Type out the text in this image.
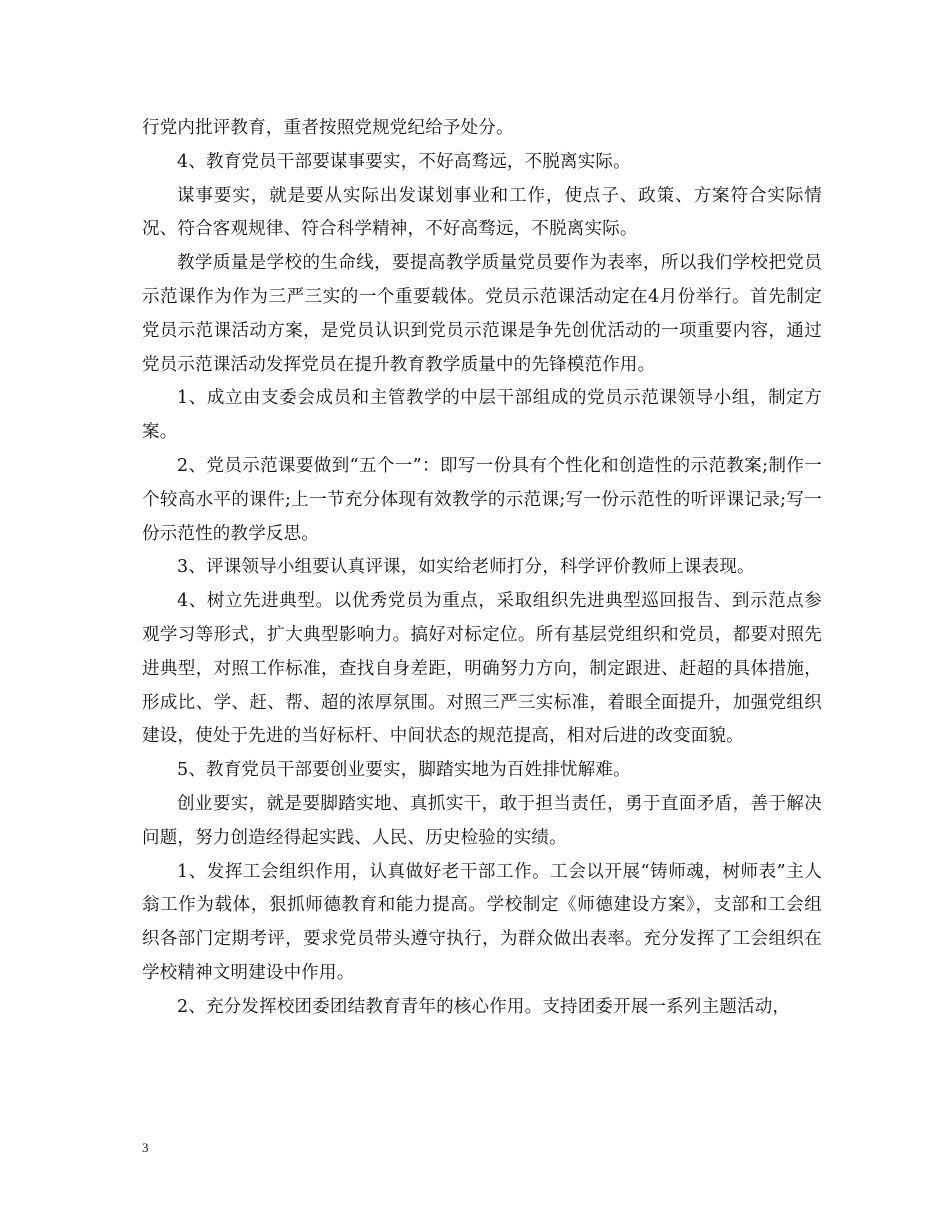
行党内批评教育，重者按照党规党纪给予处分。

4、教育党员干部要谋事要实，不好高骛远，不脱离实际。

谋事要实，就是要从实际出发谋划事业和工作，使点子、政策、方案符合实际情况、符合客观规律、符合科学精神，不好高骛远，不脱离实际。

教学质量是学校的生命线，要提高教学质量党员要作为表率，所以我们学校把党员示范课作为作为三严三实的一个重要载体。党员示范课活动定在4月份举行。首先制定党员示范课活动方案，是党员认识到党员示范课是争先创优活动的一项重要内容，通过党员示范课活动发挥党员在提升教育教学质量中的先锋模范作用。

1、成立由支委会成员和主管教学的中层干部组成的党员示范课领导小组，制定方案。

2、党员示范课要做到“五个一”：即写一份具有个性化和创造性的示范教案;制作一个较高水平的课件;上一节充分体现有效教学的示范课;写一份示范性的听评课记录;写一份示范性的教学反思。

3、评课领导小组要认真评课，如实给老师打分，科学评价教师上课表现。

4、树立先进典型。以优秀党员为重点，采取组织先进典型巡回报告、到示范点参观学习等形式，扩大典型影响力。搞好对标定位。所有基层党组织和党员，都要对照先进典型，对照工作标准，查找自身差距，明确努力方向，制定跟进、赶超的具体措施，形成比、学、赶、帮、超的浓厚氛围。对照三严三实标准，着眼全面提升，加强党组织建设，使处于先进的当好标杆、中间状态的规范提高，相对后进的改变面貌。

5、教育党员干部要创业要实，脚踏实地为百姓排忧解难。

创业要实，就是要脚踏实地、真抓实干，敢于担当责任，勇于直面矛盾，善于解决问题，努力创造经得起实践、人民、历史检验的实绩。

1、发挥工会组织作用，认真做好老干部工作。工会以开展“铸师魂，树师表”主人翁工作为载体，狠抓师德教育和能力提高。学校制定《师德建设方案》，支部和工会组织各部门定期考评，要求党员带头遵守执行，为群众做出表率。充分发挥了工会组织在学校精神文明建设中作用。

2、充分发挥校团委团结教育青年的核心作用。支持团委开展一系列主题活动，

3
